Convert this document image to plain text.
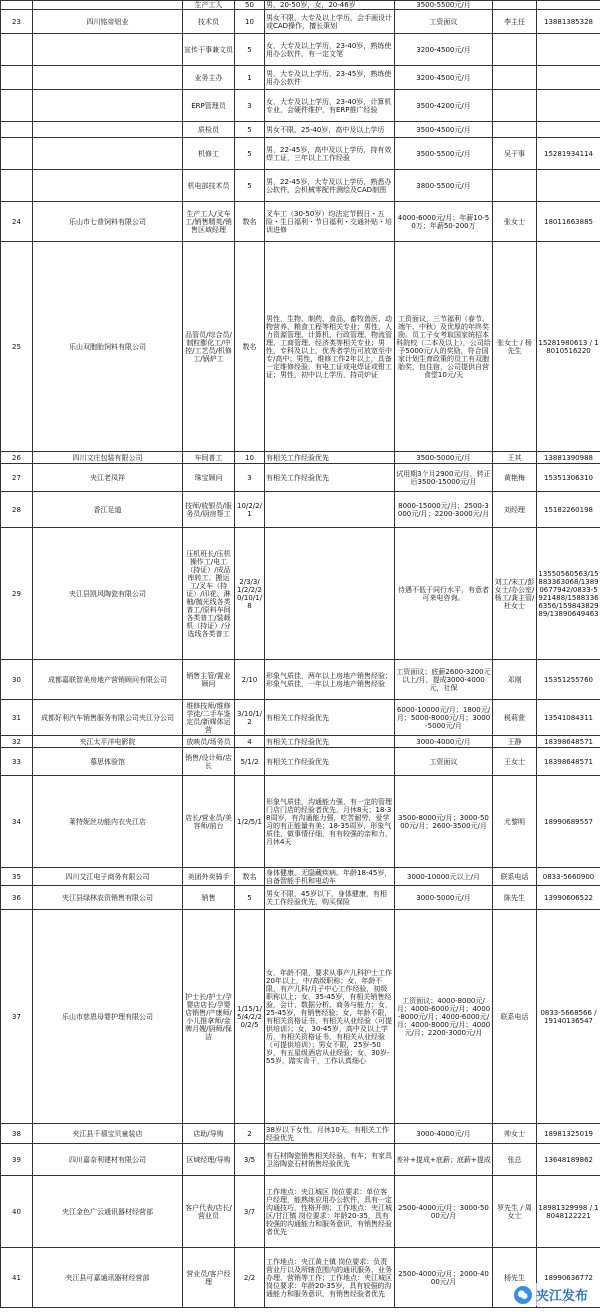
		生产工人	50	男，20-50岁，女，20-46岁	3500-5500元/月		
23	四川铭帝铝业	技术员	10	男女不限，大专及以上学历，会手画设计或CAD操作，擅长策划	工资面议	李主任	13881385328
		宣传干事兼文员	5	女，大专及以上学历，23-40岁，熟练使用办公软件，有一定文笔	3200-4500元/月		
		业务主办	1	男，大专及以上学历，23-45岁，熟练使用办公软件	3200-4500元/月		
		ERP管理员	3	女，大专及以上学历，23-40岁，计算机专业，会硬件维护，有ERP推广经验	3500-4200元/月		
		质检员	5	男女不限，25-40岁，高中及以上学历	3500-4500元/月		
		机修工	5	男，22-45岁，高中及以上学历，持有效焊工证，三年以上工作经验	3500-5500元/月	吴干事	15281934114
		机电部技术员	5	男，22-45岁，大专及以上学历，熟悉办公软件，会机械零配件测绘及CAD制图	3800-5500元/月		
24	乐山市七普饲料有限公司	生产工人/叉车工/销售精英/销售区域经理	数名	叉车工（30-50岁）均法定节假日・五险・生日福利・节日福利・交通补贴・培训进修	4000-6000元/月；年薪10-50万；年薪50-200万	张女士	18011663885
25	乐山双胞胎饲料有限公司	品管员/综合员/制粒膨化工/中控/工艺员/机修工/锅炉工	数名	男性，生物、制药、食品、畜牧兽医、动物营养、粮食工程等相关专业；男性，人力资源管理、计算机、行政管理、物流管理、工商管理、经济类等相关专业；男性，专科及以上，优秀者学历可放宽至中专/高中；男性，维修工作2年以上，具备一定维修经验，有电工证或电焊证或钳工证；男性，初中以上学历，持司炉证	工资面议，三节福利（春节、端午、中秋）及优厚的年终奖励。员工子女考取国家统招本科院校（二本及以上），公司给予5000元/人的奖励，符合国家计划生育政策的员工有双胞胎奖，包住宿，公司提供自营食堂10元/天	张女士 / 杨先生	15281980613 / 18010516220
26	四川文庄包装有限公司	车间普工	10	有相关工作经验优先	3500-5000元/月	王其	13881390988
27	夹江老凤祥	珠宝顾问	3	有相关工作经验优先	试用期3个月2900元/月，转正后3500-15000元/月	黄艳梅	15351306310
28	香江足道	技师/收银员/服务员/厨房帮工	10/2/2/1		8000-15000元/月；2500-3000元/月；2200-3000元/月	刘经理	15182260198
29	夹江县凯风陶瓷有限公司	压机班长/压机操作工/电工（持证）/成品库转工、搬运工/叉车（持证）/印花、淋釉/抛光线各类普工/原料车间各类普工/装载机（持证）/分选线各类普工	2/3/3/1/2/2/20/10/1/8		待遇不低于同行水平，有意者可来电咨询。	刘工/宋工/彭女士/办公室/杨工/龚主管/杜女士	13550560563/15883363068/13890677942/0833-5921488/15883366356/15984382989/13890649463
30	成都嘉联智美房地产营销顾问有限公司	销售主管/置业顾问	2/10	形象气质佳，两年以上房地产销售经验；形象气质佳，一年以上房地产销售经验	工资面议；底薪2600-3200元以上/月，提成3000-4000元，社保	邓刚	15351255760
31	成都好利汽车销售服务有限公司夹江分公司	维修技师/维修学徒/二手车鉴定员/新媒体运营	3/10/1/2	有相关工作经验优先	6000-10000元/月；1800元/月；5000-8000元/月；3000-5000元/月	税莉萱	13541084311
32	夹江太平洋电影院	放映员/场务员	4	有相关工作经验优先	3000-4000元/月	王静	18398648571
33	慕思体验馆	销售/设计师/店长	5/1/2	有相关工作经验优先	工资面议	王女士	18398648571
34	莱特妮丝功能内衣夹江店	店长/营业员/美容师/前台	1/2/5/1	形象气质佳，沟通能力强，有一定的管理门店门店的经验者优先，月休8天；18-38周岁，有沟通能力强，吃苦耐劳，爱学习的有正能量有美；18-35周岁，形象气质佳，做事情仔细，有有较强的亲和力，月休4天	3500-8000元/月；3000-5000元/月；2600-3500元/月	尤黎明	18990689557
35	四川艾江电子商务有限公司	美团外卖骑手	数名	身体健康，无隐藏疾病。年龄18-45岁，自备智能手机和电动车	3000-10000元以上/月	联系电话	0833-5660900
36	夹江县绿林农资销售有限公司	销售	5	男女不限，45岁以下，身体健康，有相关工作经验优先，购买保险	3000-5000元/月	陈先生	13990606522
37	乐山市慈恩母婴护理有限公司	护士长/护士/孕婴店店长/孕婴店销售/产康师/小儿推拿师/金牌月嫂/厨师/保洁	1/15/1/5/4/2/20/2/5	女，年龄不限，要求从事产儿科护士工作20年以上，中/高级职称；女，年龄不限，有产儿科/月子中心工作经验，初级职称以上；女，35-45岁，有相关销售经验，会计、数据分析、商务与能力；女，25-45岁，有销售经验；女，年龄不限，有相关资格证书，有相关从业经验（可提供培训）；女，30-45岁，高中及以上学历，有相关资格证书，有相关从业经验（可提供培训）；男女不限，25岁-50岁，有五星级酒店从业经验；女，30岁-55岁，踏实肯干，工作认真细心	工资面议；4000-8000元/月；4000-6000元/月；4000-8000元/月；4000-6000元/月；4000-8000元/月；4000元/月；2200-3000元/月	联系电话	0833-5668566 / 19140136547
38	夹江县千禧宝贝童装店	店助/导购	2	38岁以下女性，月休10天，有相关工作经验优先	3000-4000元/月	帅女士	18981325019
39	四川嘉奈利建材有限公司	区域经理/导购	3/5	有石材陶瓷销售相关经验，有车；有家具卫浴陶瓷石材销售经验优先	差补+提成+底薪；底薪+提成	张总	13648189862
40	夹江金色广云通讯器材经营部	客户代表/店长/营业员	3/7	工作地点：夹江城区 岗位要求：单位客户经理，能熟练应用办公软件，具有一定沟通技巧，性格开朗；工作地点：夹江城区/甘江镇 岗位要求：年龄20-35，具有较强的沟通能力和服务意识，有销售经验者优先	2500-4000元/月；3000-5000元/月	罗先生 / 周女士	18981329998 / 18048122221
41	夹江县可嘉通讯器材经营部	营业员/客户经理	2/2	工作地点：夹江黄土镇 岗位要求：负责营业厅以及所辖范围内的通讯服务、业务办理、营销等工作；工作地点：夹江城区 岗位要求：年龄20-35岁，具有较强的沟通能力和服务意识，有销售经验者优先	2500-4000元/月；2000-4000元/月	杨先生	18990636772
夹江发布
